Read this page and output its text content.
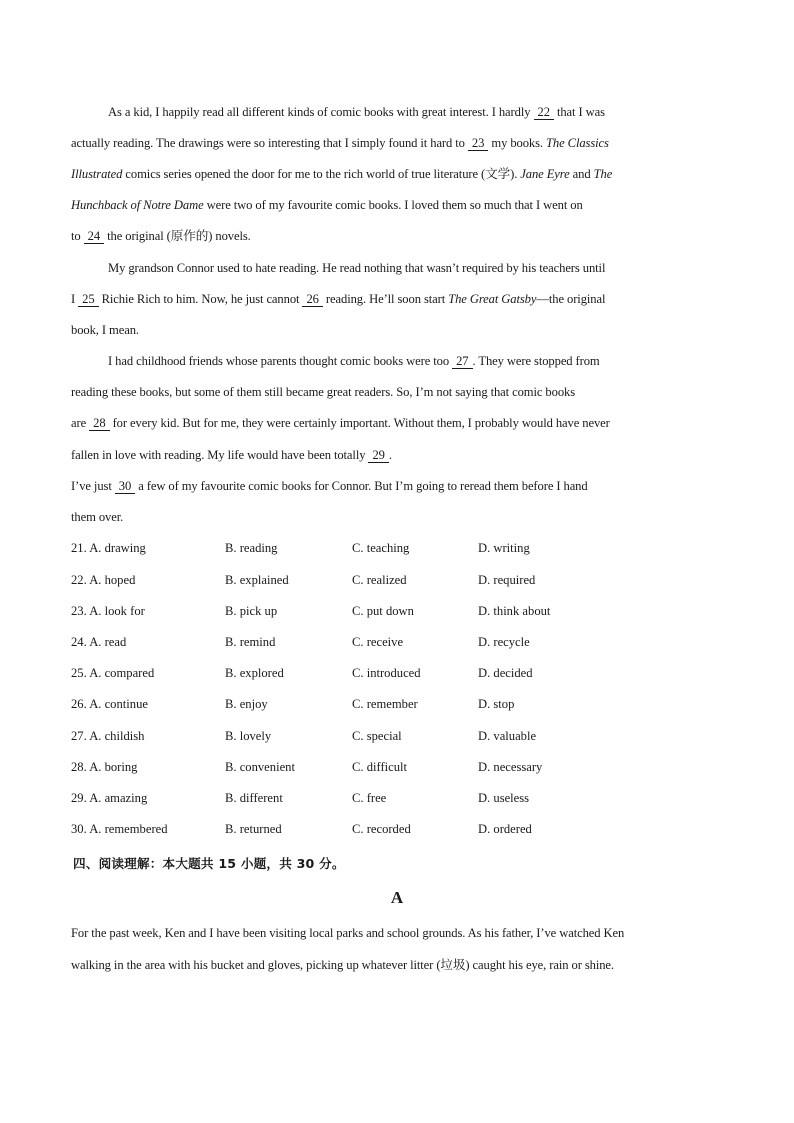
As a kid, I happily read all different kinds of comic books with great interest. I hardly 22 that I was
actually reading. The drawings were so interesting that I simply found it hard to 23 my books. The Classics
Illustrated comics series opened the door for me to the rich world of true literature (文学). Jane Eyre and The
Hunchback of Notre Dame were two of my favourite comic books. I loved them so much that I went on
to 24 the original (原作的) novels.
My grandson Connor used to hate reading. He read nothing that wasn’t required by his teachers until
I 25 Richie Rich to him. Now, he just cannot 26 reading. He’ll soon start The Great Gatsby—the original
book, I mean.
I had childhood friends whose parents thought comic books were too 27 . They were stopped from
reading these books, but some of them still became great readers. So, I’m not saying that comic books
are 28 for every kid. But for me, they were certainly important. Without them, I probably would have never
fallen in love with reading. My life would have been totally 29 .
I’ve just 30 a few of my favourite comic books for Connor. But I’m going to reread them before I hand
them over.
21. A. drawing	B. reading	C. teaching	D. writing
22. A. hoped	B. explained	C. realized	D. required
23. A. look for	B. pick up	C. put down	D. think about
24. A. read	B. remind	C. receive	D. recycle
25. A. compared	B. explored	C. introduced	D. decided
26. A. continue	B. enjoy	C. remember	D. stop
27. A. childish	B. lovely	C. special	D. valuable
28. A. boring	B. convenient	C. difficult	D. necessary
29. A. amazing	B. different	C. free	D. useless
30. A. remembered	B. returned	C. recorded	D. ordered
四、阅读理解：本大题共 15 小题，共 30 分。
A
For the past week, Ken and I have been visiting local parks and school grounds. As his father, I’ve watched Ken
walking in the area with his bucket and gloves, picking up whatever litter (垃圾) caught his eye, rain or shine.
